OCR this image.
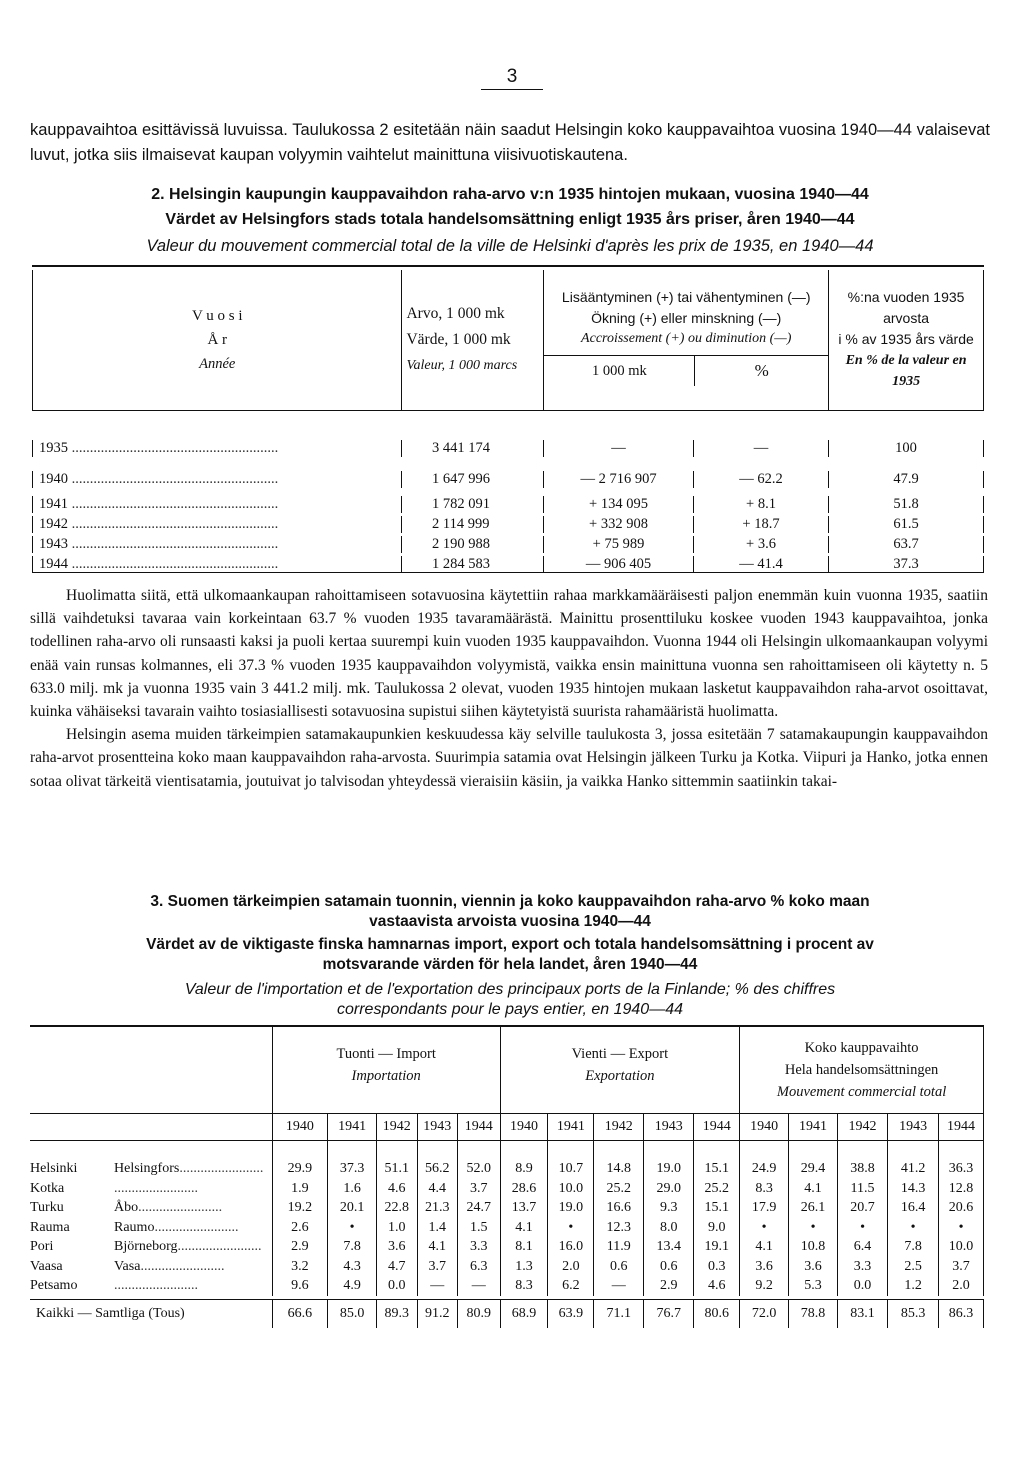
3
kauppavaihtoa esittävissä luvuissa. Taulukossa 2 esitetään näin saadut Helsingin koko kauppavaihtoa vuosina 1940—44 valaisevat luvut, jotka siis ilmaisevat kaupan volyymin vaihtelut mainittuna viisivuotiskautena.
2. Helsingin kaupungin kauppavaihdon raha-arvo v:n 1935 hintojen mukaan, vuosina 1940—44
Värdet av Helsingfors stads totala handelsomsättning enligt 1935 års priser, åren 1940—44
Valeur du mouvement commercial total de la ville de Helsinki d'après les prix de 1935, en 1940—44
V u o s i
Å r
Année

Arvo, 1 000 mk
Värde, 1 000 mk
Valeur, 1 000 marcs

Lisääntyminen (+) tai vähentyminen (—)
Ökning (+) eller minskning (—)
Accroissement (+) ou diminution (—)
1 000 mk	%

%:na vuoden 1935 arvosta
i % av 1935 års värde
En % de la valeur en 1935

1935 .........................................................	3 441 174	—	—	100
1940 .........................................................	1 647 996	— 2 716 907	— 62.2	47.9
1941 .........................................................	1 782 091	+ 134 095	+ 8.1	51.8
1942 .........................................................	2 114 999	+ 332 908	+ 18.7	61.5
1943 .........................................................	2 190 988	+ 75 989	+ 3.6	63.7
1944 .........................................................	1 284 583	— 906 405	— 41.4	37.3

Huolimatta siitä, että ulkomaankaupan rahoittamiseen sotavuosina käytettiin rahaa markkamääräisesti paljon enemmän kuin vuonna 1935, saatiin sillä vaihdetuksi tavaraa vain korkeintaan 63.7 % vuoden 1935 tavaramäärästä. Mainittu prosenttiluku koskee vuoden 1943 kauppavaihtoa, jonka todellinen raha-arvo oli runsaasti kaksi ja puoli kertaa suurempi kuin vuoden 1935 kauppavaihdon. Vuonna 1944 oli Helsingin ulkomaankaupan volyymi enää vain runsas kolmannes, eli 37.3 % vuoden 1935 kauppavaihdon volyymistä, vaikka ensin mainittuna vuonna sen rahoittamiseen oli käytetty n. 5 633.0 milj. mk ja vuonna 1935 vain 3 441.2 milj. mk. Taulukossa 2 olevat, vuoden 1935 hintojen mukaan lasketut kauppavaihdon raha-arvot osoittavat, kuinka vähäiseksi tavarain vaihto tosiasiallisesti sotavuosina supistui siihen käytetyistä suurista rahamääristä huolimatta.

Helsingin asema muiden tärkeimpien satamakaupunkien keskuudessa käy selville taulukosta 3, jossa esitetään 7 satamakaupungin kauppavaihdon raha-arvot prosentteina koko maan kauppavaihdon raha-arvosta. Suurimpia satamia ovat Helsingin jälkeen Turku ja Kotka. Viipuri ja Hanko, jotka ennen sotaa olivat tärkeitä vientisatamia, joutuivat jo talvisodan yhteydessä vieraisiin käsiin, ja vaikka Hanko sittemmin saatiinkin takai-

3. Suomen tärkeimpien satamain tuonnin, viennin ja koko kauppavaihdon raha-arvo % koko maan
vastaavista arvoista vuosina 1940—44
Värdet av de viktigaste finska hamnarnas import, export och totala handelsomsättning i procent av
motsvarande värden för hela landet, åren 1940—44
Valeur de l'importation et de l'exportation des principaux ports de la Finlande; % des chiffres
correspondants pour le pays entier, en 1940—44
Tuonti — Import
Importation
Vienti — Export
Exportation
Koko kauppavaihto
Hela handelsomsättningen
Mouvement commercial total
1940	1941	1942 1943 1944	1940	1941	1942	1943	1944	1940	1941	1942	1943	1944
Helsinki	Helsingfors ........................	29.9	37.3	51.1	56.2	52.0	8.9	10.7	14.8	19.0	15.1	24.9	29.4	38.8	41.2	36.3
Kotka	........................	1.9	1.6	4.6	4.4	3.7	28.6	10.0	25.2	29.0	25.2	8.3	4.1	11.5	14.3	12.8
Turku	Åbo ........................	19.2	20.1	22.8	21.3	24.7	13.7	19.0	16.6	9.3	15.1	17.9	26.1	20.7	16.4	20.6
Rauma	Raumo ........................	2.6	•	1.0	1.4	1.5	4.1	•	12.3	8.0	9.0	•	•	•	•	•
Pori	Björneborg ........................	2.9	7.8	3.6	4.1	3.3	8.1	16.0	11.9	13.4	19.1	4.1	10.8	6.4	7.8	10.0
Vaasa	Vasa ........................	3.2	4.3	4.7	3.7	6.3	1.3	2.0	0.6	0.6	0.3	3.6	3.6	3.3	2.5	3.7
Petsamo	........................	9.6	4.9	0.0	—	—	8.3	6.2	—	2.9	4.6	9.2	5.3	0.0	1.2	2.0
Kaikki — Samtliga (Tous)	66.6	85.0	89.3	91.2	80.9	68.9	63.9	71.1	76.7	80.6	72.0	78.8	83.1	85.3	86.3
